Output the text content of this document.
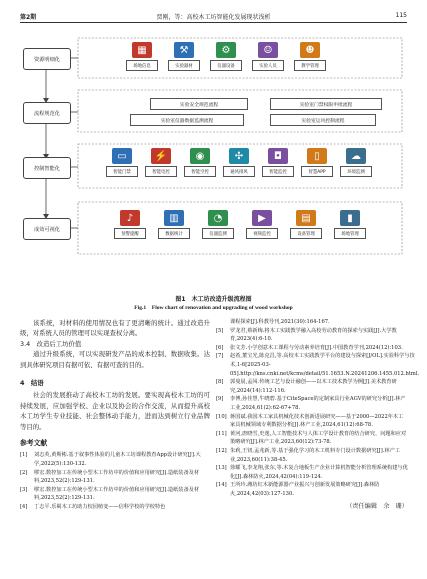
第2期	贾刚，等：高校木工坊智能化发展现状浅析	115
资源明细化
流程规范化
控制智能化
成效可视化
▦
场地信息
⚒
实验器材
⚙
仪器设备
☺
实验人员
☻
教学管理
实验安全规范流程	实验室门禁权限申批流程
实验室仪器数据监测流程	实验室运风控制流程
▭
智能门禁
⚡
智能电控
◉
智能空控
✣
通风排风
◘
智能监控
▯
智慧APP
☁
环境监测
♪
预警提醒
▥
数据统计
◔
仪器监测
▶
视频监控
▤
设备管理
▮
场地管理
图1　木工坊改造升级流程图
Fig.1　Flow chart of renovation and upgrading of wood workshop

该系统，对材料的使用情况也有了更清晰的统计。通过改造升级，对系统人员的管理可以实现查权分离。

3.4　改造后工坊价值

通过升级系统，可以实现研发产品的成本控制、数据收集。达到具体研究项目有据可依、有据可查的目的。

4　结语

社会的发展推动了高校木工坊的发展。要实现高校木工坊的可持续发展，应加强学校、企业以及协会的合作交流，从而提升高校木工坊学生专业技能、社会整体动手能力，进而达到树立行业品牌等目的。

参考文献

[1]	刘志英,黄斯彬.基于叙事性体验的儿童木工坊课程教育App设计研究[J].大学,2022(5):130-132.
[2]	缪宏.数控加工在传统小型木工作坊中的价值和应用研究[J].造纸装备及材料,2023,52(2):129-131.
[3]	缪宏.数控加工在传统小型木工作坊中的价值和应用研究[J].造纸装备及材料,2023,52(2):129-131.
[4]	丁志平.乐蜀木工坊助力校园植变——信科学校的学校特色
课程探索[J].科教导刊,2021(30):164-167.
[5]	罗龙君,蔡新梅.将木工实践教学融入高校劳动教育的探索与实践[J].大学教育,2023(4):6-10.
[6]	张文芳.小学创意木工课程与劳动素养培育[J].中国教育学刊,2024(12):103.
[7]	赵希,董宝光,陈克昌,等.高校木工实践教学平台的建设与探索[J/OL].实验科学与技术,1-6[2025-03-05].http://kns.cnki.net/kcms/detail/51.1653.N.20241206.1455.012.html.
[8]	郭曼晨,孟闯.传统工艺与设计融创——以木工技术教学为例[J].美术教育研究,2024(14):112-116.
[9]	李博,孙佳慧,牛晓碧.基于CiteSpace的定制家具行业AGV的研究分析[J].林产工业,2024,61(2):62-67+78.
[10] 蒋国斌.我国木工家具机械化技术创新进展研究——基于2000—2022年木工家具机械领域专利数据分析[J].林产工业,2024,61(12):68-78.
[11] 黄河,唐晓雪,史逸,人工智能技术与人体工学设计教育的结合研究、问题和应对策略研究[J].林产工业,2023,60(12):73-78.
[12] 朱莉,王钮,孟兆新,等.基于强化学习的木工机料专门设计数据研究[J].林产工业,2023,60(11):38-45.
[13] 徐耀飞,李龙翔,张东,等.木复合地板生产企业计算机智能分析管理系统构建与优化[J].森林防火,2024,42(04):119-124.
[14] 王所玲.潍坊红木新能源器产业振兴与创新发展策略研究[J].森林防火,2024,42(03):127-130.
（责任编辑　余　珊）
